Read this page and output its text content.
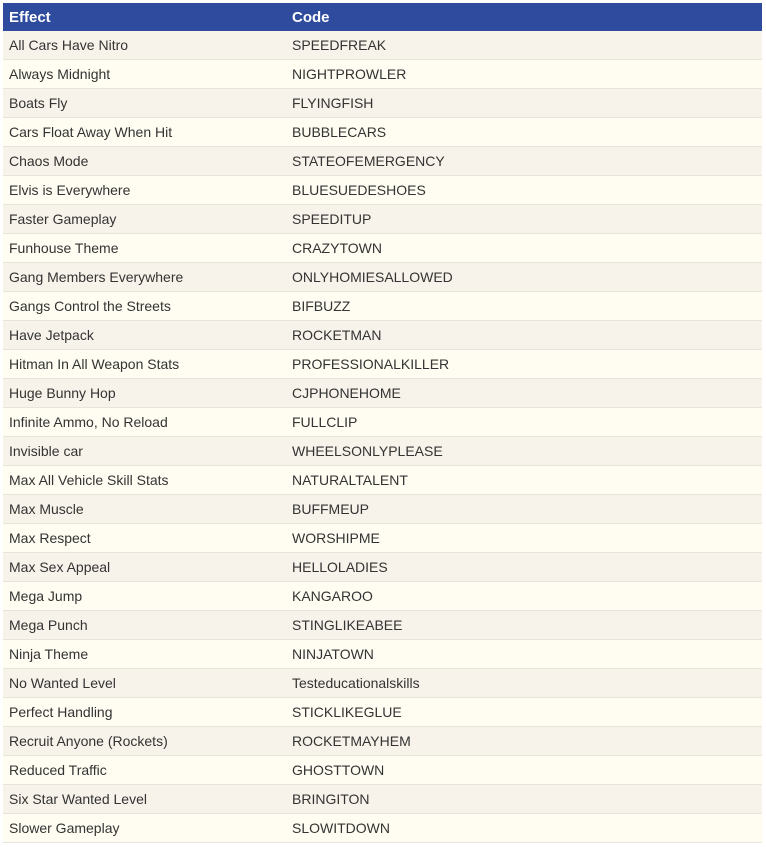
Effect	Code
All Cars Have Nitro	SPEEDFREAK
Always Midnight	NIGHTPROWLER
Boats Fly	FLYINGFISH
Cars Float Away When Hit	BUBBLECARS
Chaos Mode	STATEOFEMERGENCY
Elvis is Everywhere	BLUESUEDESHOES
Faster Gameplay	SPEEDITUP
Funhouse Theme	CRAZYTOWN
Gang Members Everywhere	ONLYHOMIESALLOWED
Gangs Control the Streets	BIFBUZZ
Have Jetpack	ROCKETMAN
Hitman In All Weapon Stats	PROFESSIONALKILLER
Huge Bunny Hop	CJPHONEHOME
Infinite Ammo, No Reload	FULLCLIP
Invisible car	WHEELSONLYPLEASE
Max All Vehicle Skill Stats	NATURALTALENT
Max Muscle	BUFFMEUP
Max Respect	WORSHIPME
Max Sex Appeal	HELLOLADIES
Mega Jump	KANGAROO
Mega Punch	STINGLIKEABEE
Ninja Theme	NINJATOWN
No Wanted Level	Testeducationalskills
Perfect Handling	STICKLIKEGLUE
Recruit Anyone (Rockets)	ROCKETMAYHEM
Reduced Traffic	GHOSTTOWN
Six Star Wanted Level	BRINGITON
Slower Gameplay	SLOWITDOWN
